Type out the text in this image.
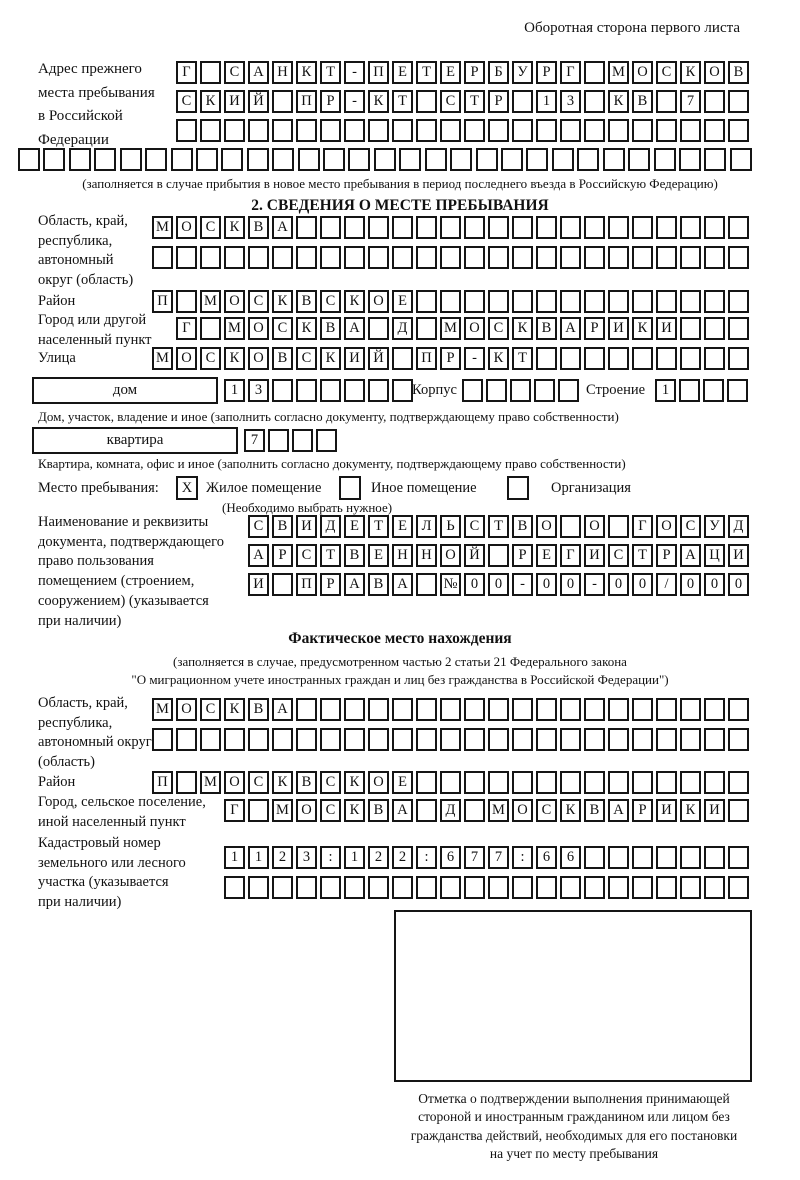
Оборотная сторона первого листа
Адрес прежнего
места пребывания
в Российской
Федерации
Г	С А Н К	Т	-	П Е	Т	Е	Р	Б	У	Р	Г	М О С К О В
С К И Й	П	Р	-	К	Т	С	Т	Р	1	3	К В	7
(заполняется в случае прибытия в новое место пребывания в период последнего въезда в Российскую Федерацию)
2. СВЕДЕНИЯ О МЕСТЕ ПРЕБЫВАНИЯ
Область, край,
республика,
автономный
округ (область)
М О С К В А
Район	П	М О С К В С К О Е
Город или другой
населенный пункт
Г	М О С К В А	Д	М О С К В А	Р	И К И
Улица	М О С К О В С К И Й	П	Р	-	К	Т
дом	1	3	Корпус	Строение	1
Дом, участок, владение и иное (заполнить согласно документу, подтверждающему право собственности)
квартира	7
Квартира, комната, офис и иное (заполнить согласно документу, подтверждающему право собственности)
Место пребывания:	X Жилое помещение	Иное помещение	Организация
(Необходимо выбрать нужное)
Наименование и реквизиты
документа, подтверждающего
право пользования
помещением (строением,
сооружением) (указывается
при наличии)
С В И Д	Е	Т	Е	Л	Ь	С	Т	В О	О	Г	О С У Д
А	Р	С	Т	В	Е Н Н О Й	Р	Е	Г	И С	Т	Р	А Ц И
И	П	Р	А В А	№ 0	0	-	0	0	-	0	0	/	0	0	0
Фактическое место нахождения
(заполняется в случае, предусмотренном частью 2 статьи 21 Федерального закона
"О миграционном учете иностранных граждан и лиц без гражданства в Российской Федерации")
Область, край,
республика,
автономный округ
(область)
М О С К В А
Район	П	М О С К В С К О Е
Город, сельское поселение,
иной населенный пункт
Г	М О С К В А	Д	М О С К В А	Р	И К И
Кадастровый номер
земельного или лесного
участка (указывается
при наличии)
1	1	2	3	:	1	2	2	:	6	7	7	:	6	6
Отметка о подтверждении выполнения принимающей
стороной и иностранным гражданином или лицом без
гражданства действий, необходимых для его постановки
на учет по месту пребывания
